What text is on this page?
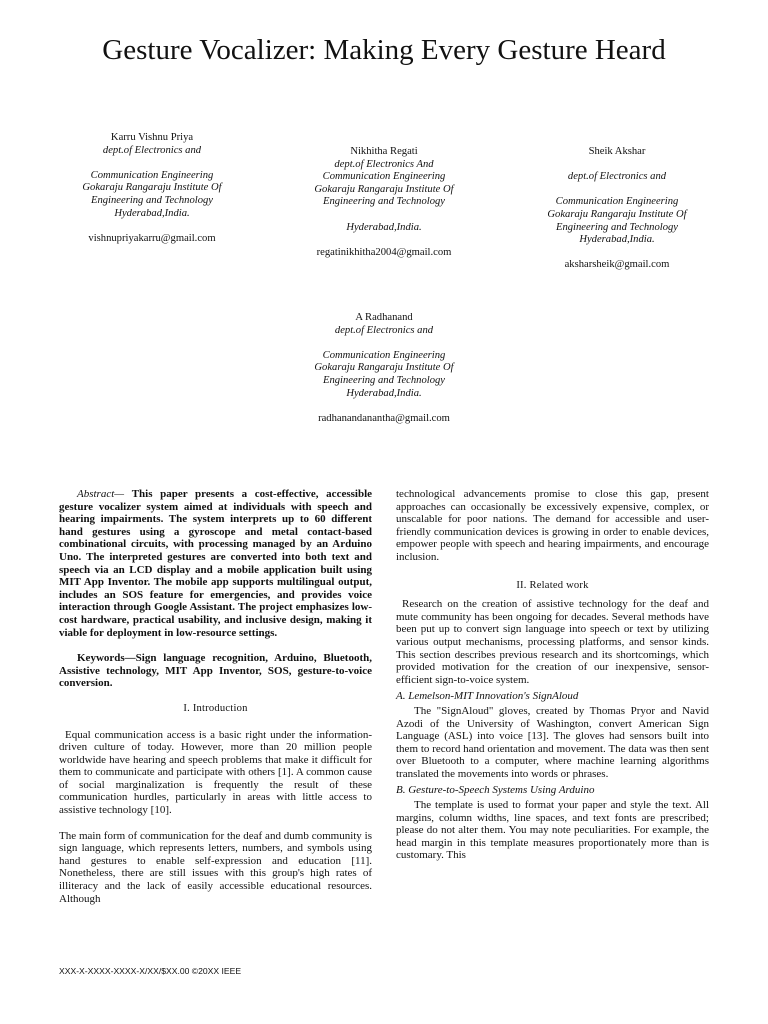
Gesture Vocalizer: Making Every Gesture Heard
Karru Vishnu Priya
dept.of Electronics and
Communication Engineering
Gokaraju Rangaraju Institute Of
Engineering and Technology
Hyderabad,India.
vishnupriyakarru@gmail.com
Nikhitha Regati
dept.of Electronics And
Communication Engineering
Gokaraju Rangaraju Institute Of
Engineering and Technology
Hyderabad,India.
regatinikhitha2004@gmail.com
Sheik Akshar
dept.of Electronics and
Communication Engineering
Gokaraju Rangaraju Institute Of
Engineering and Technology
Hyderabad,India.
aksharsheik@gmail.com
A Radhanand
dept.of Electronics and
Communication Engineering
Gokaraju Rangaraju Institute Of
Engineering and Technology
Hyderabad,India.
radhanandanantha@gmail.com

Abstract— This paper presents a cost-effective, accessible gesture vocalizer system aimed at individuals with speech and hearing impairments. The system interprets up to 60 different hand gestures using a gyroscope and metal contact-based combinational circuits, with processing managed by an Arduino Uno. The interpreted gestures are converted into both text and speech via an LCD display and a mobile application built using MIT App Inventor. The mobile app supports multilingual output, includes an SOS feature for emergencies, and provides voice interaction through Google Assistant. The project emphasizes low-cost hardware, practical usability, and inclusive design, making it viable for deployment in low-resource settings.

Keywords—Sign language recognition, Arduino, Bluetooth, Assistive technology, MIT App Inventor, SOS, gesture-to-voice conversion.

I. Introduction

Equal communication access is a basic right under the information-driven culture of today. However, more than 20 million people worldwide have hearing and speech problems that make it difficult for them to communicate and participate with others [1]. A common cause of social marginalization is frequently the result of these communication hurdles, particularly in areas with little access to assistive technology [10].

The main form of communication for the deaf and dumb community is sign language, which represents letters, numbers, and symbols using hand gestures to enable self-expression and education [11]. Nonetheless, there are still issues with this group's high rates of illiteracy and the lack of easily accessible educational resources. Although

technological advancements promise to close this gap, present approaches can occasionally be excessively expensive, complex, or unscalable for poor nations. The demand for accessible and user-friendly communication devices is growing in order to enable devices, empower people with speech and hearing impairments, and encourage inclusion.

II. Related work

Research on the creation of assistive technology for the deaf and mute community has been ongoing for decades. Several methods have been put up to convert sign language into speech or text by utilizing various output mechanisms, processing platforms, and sensor kinds. This section describes previous research and its shortcomings, which provided motivation for the creation of our inexpensive, sensor-efficient sign-to-voice system.

A. Lemelson-MIT Innovation's SignAloud

The "SignAloud" gloves, created by Thomas Pryor and Navid Azodi of the University of Washington, convert American Sign Language (ASL) into voice [13]. The gloves had sensors built into them to record hand orientation and movement. The data was then sent over Bluetooth to a computer, where machine learning algorithms translated the movements into words or phrases.

B. Gesture-to-Speech Systems Using Arduino

The template is used to format your paper and style the text. All margins, column widths, line spaces, and text fonts are prescribed; please do not alter them. You may note peculiarities. For example, the head margin in this template measures proportionately more than is customary. This

XXX-X-XXXX-XXXX-X/XX/$XX.00 ©20XX IEEE
